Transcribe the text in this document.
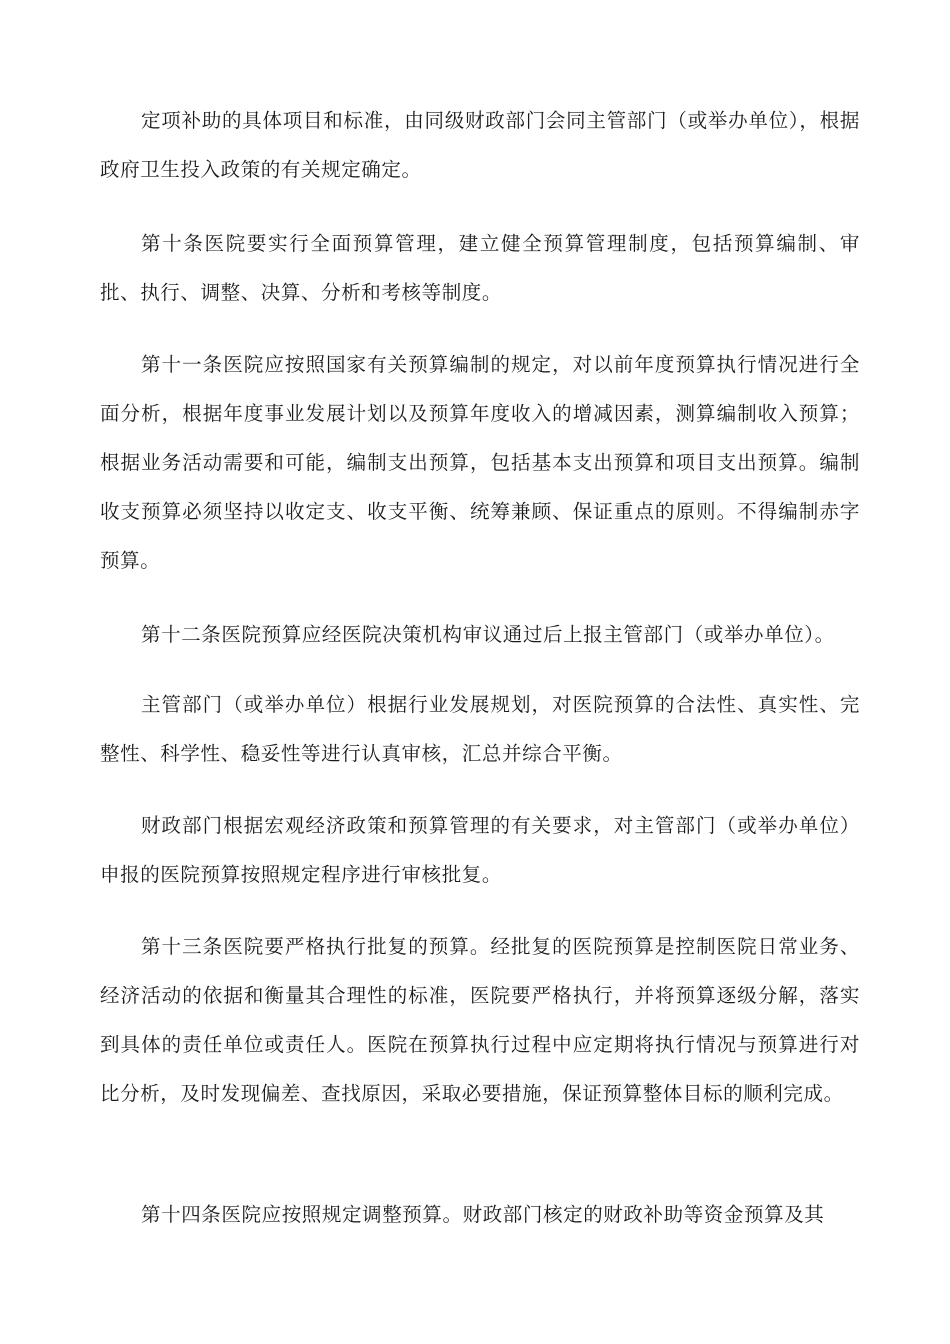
定项补助的具体项目和标准，由同级财政部门会同主管部门（或举办单位），根据政府卫生投入政策的有关规定确定。

第十条医院要实行全面预算管理，建立健全预算管理制度，包括预算编制、审批、执行、调整、决算、分析和考核等制度。

第十一条医院应按照国家有关预算编制的规定，对以前年度预算执行情况进行全面分析，根据年度事业发展计划以及预算年度收入的增减因素，测算编制收入预算；根据业务活动需要和可能，编制支出预算，包括基本支出预算和项目支出预算。编制收支预算必须坚持以收定支、收支平衡、统筹兼顾、保证重点的原则。不得编制赤字预算。

第十二条医院预算应经医院决策机构审议通过后上报主管部门（或举办单位）。

主管部门（或举办单位）根据行业发展规划，对医院预算的合法性、真实性、完整性、科学性、稳妥性等进行认真审核，汇总并综合平衡。

财政部门根据宏观经济政策和预算管理的有关要求，对主管部门（或举办单位）申报的医院预算按照规定程序进行审核批复。

第十三条医院要严格执行批复的预算。经批复的医院预算是控制医院日常业务、经济活动的依据和衡量其合理性的标准，医院要严格执行，并将预算逐级分解，落实到具体的责任单位或责任人。医院在预算执行过程中应定期将执行情况与预算进行对比分析，及时发现偏差、查找原因，采取必要措施，保证预算整体目标的顺利完成。

第十四条医院应按照规定调整预算。财政部门核定的财政补助等资金预算及其
